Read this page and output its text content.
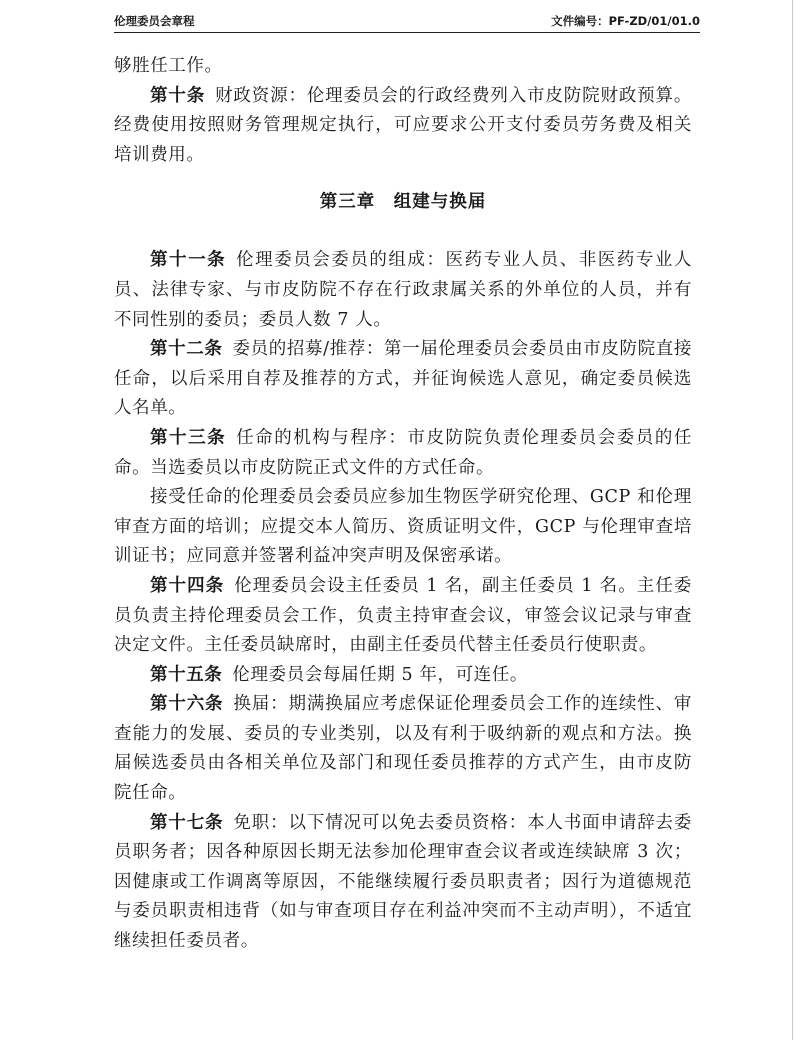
伦理委员会章程	文件编号：PF-ZD/01/01.0

够胜任工作。

第十条 财政资源：伦理委员会的行政经费列入市皮防院财政预算。经费使用按照财务管理规定执行，可应要求公开支付委员劳务费及相关培训费用。

第三章　组建与换届

第十一条 伦理委员会委员的组成：医药专业人员、非医药专业人员、法律专家、与市皮防院不存在行政隶属关系的外单位的人员，并有不同性别的委员；委员人数 7 人。

第十二条 委员的招募/推荐：第一届伦理委员会委员由市皮防院直接任命，以后采用自荐及推荐的方式，并征询候选人意见，确定委员候选人名单。

第十三条 任命的机构与程序：市皮防院负责伦理委员会委员的任命。当选委员以市皮防院正式文件的方式任命。

接受任命的伦理委员会委员应参加生物医学研究伦理、GCP 和伦理审查方面的培训；应提交本人简历、资质证明文件，GCP 与伦理审查培训证书；应同意并签署利益冲突声明及保密承诺。

第十四条 伦理委员会设主任委员 1 名，副主任委员 1 名。主任委员负责主持伦理委员会工作，负责主持审查会议，审签会议记录与审查决定文件。主任委员缺席时，由副主任委员代替主任委员行使职责。

第十五条 伦理委员会每届任期 5 年，可连任。

第十六条 换届：期满换届应考虑保证伦理委员会工作的连续性、审查能力的发展、委员的专业类别，以及有利于吸纳新的观点和方法。换届候选委员由各相关单位及部门和现任委员推荐的方式产生，由市皮防院任命。

第十七条 免职：以下情况可以免去委员资格：本人书面申请辞去委员职务者；因各种原因长期无法参加伦理审查会议者或连续缺席 3 次；因健康或工作调离等原因，不能继续履行委员职责者；因行为道德规范与委员职责相违背（如与审查项目存在利益冲突而不主动声明），不适宜继续担任委员者。
